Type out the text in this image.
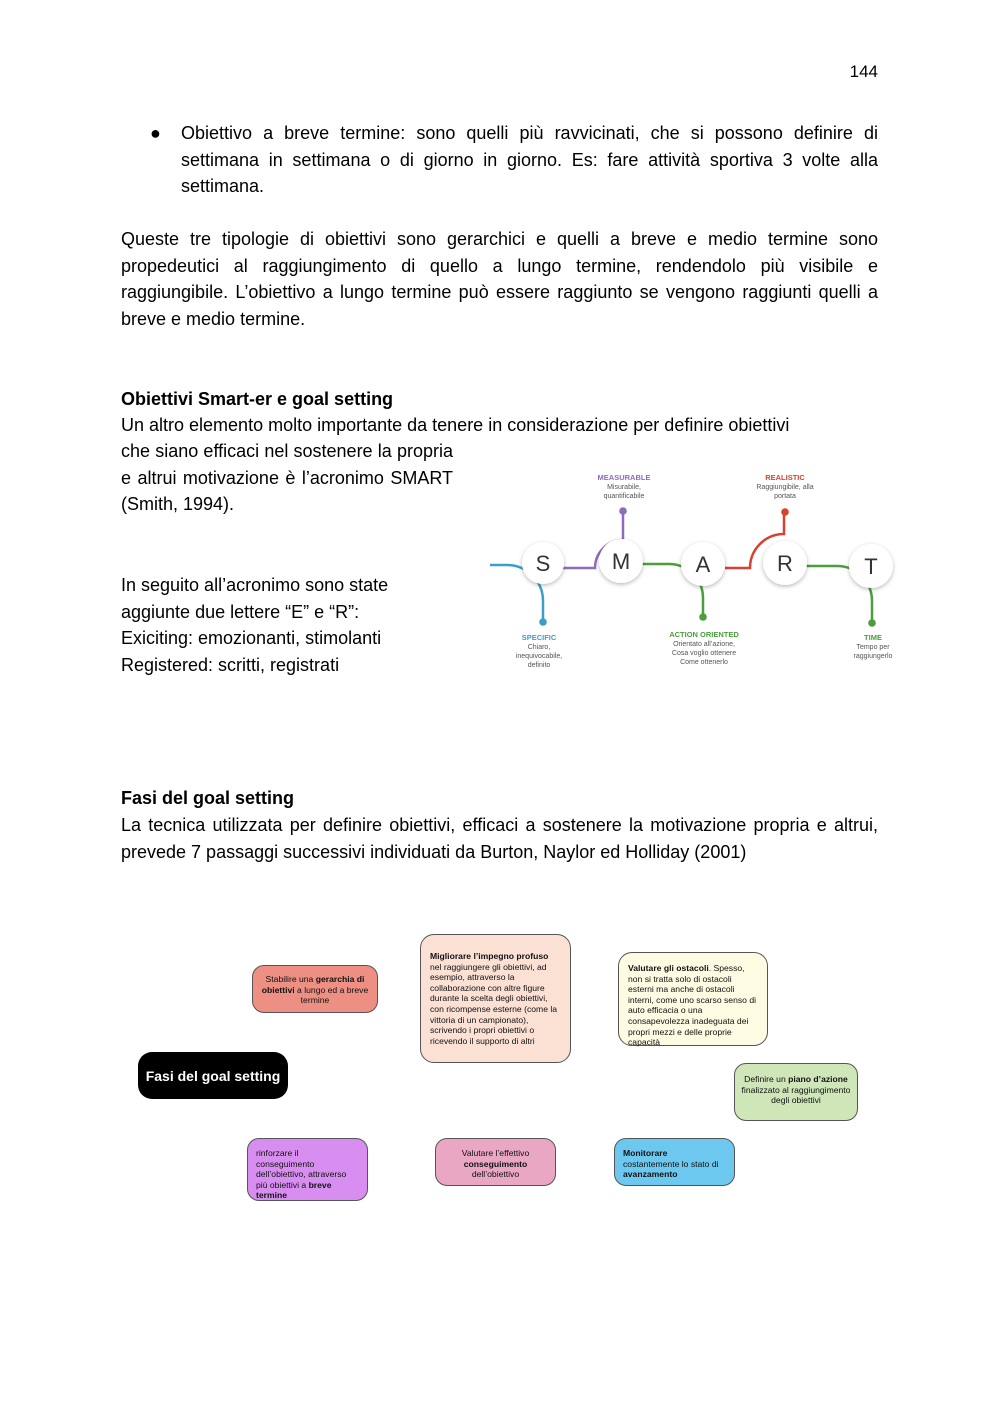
144
● Obiettivo a breve termine: sono quelli più ravvicinati, che si possono definire di settimana in settimana o di giorno in giorno. Es: fare attività sportiva 3 volte alla settimana.

Queste tre tipologie di obiettivi sono gerarchici e quelli a breve e medio termine sono propedeutici al raggiungimento di quello a lungo termine, rendendolo più visibile e raggiungibile. L’obiettivo a lungo termine può essere raggiunto se vengono raggiunti quelli a breve e medio termine.

Obiettivi Smart-er e goal setting

Un altro elemento molto importante da tenere in considerazione per definire obiettivi

che siano efficaci nel sostenere la propria e altrui motivazione è l’acronimo SMART (Smith, 1994).

In seguito all’acronimo sono state
aggiunte due lettere “E” e “R”:
Exiciting: emozionanti, stimolanti
Registered: scritti, registrati
S	M	A	R	T
SPECIFIC
Chiaro,
inequivocabile,
definito
MEASURABLE
Misurabile,
quantificabile
ACTION ORIENTED
Orientato all’azione,
Cosa voglio ottenere
Come ottenerlo
REALISTIC
Raggiungibile, alla
portata
TIME
Tempo per
raggiungerlo
Fasi del goal setting

La tecnica utilizzata per definire obiettivi, efficaci a sostenere la motivazione propria e altrui, prevede 7 passaggi successivi individuati da Burton, Naylor ed Holliday (2001)

Fasi del goal setting
Stabilire una gerarchia di obiettivi a lungo ed a breve termine
Migliorare l’impegno profuso nel raggiungere gli obiettivi, ad esempio, attraverso la collaborazione con altre figure durante la scelta degli obiettivi, con ricompense esterne (come la vittoria di un campionato), scrivendo i propri obiettivi o ricevendo il supporto di altri
Valutare gli ostacoli. Spesso, non si tratta solo di ostacoli esterni ma anche di ostacoli interni, come uno scarso senso di auto efficacia o una consapevolezza inadeguata dei propri mezzi e delle proprie capacità
Definire un piano d’azione finalizzato al raggiungimento degli obiettivi
Monitorare costantemente lo stato di avanzamento
Valutare l’effettivo conseguimento dell’obiettivo
rinforzare il conseguimento dell’obiettivo, attraverso più obiettivi a breve termine
